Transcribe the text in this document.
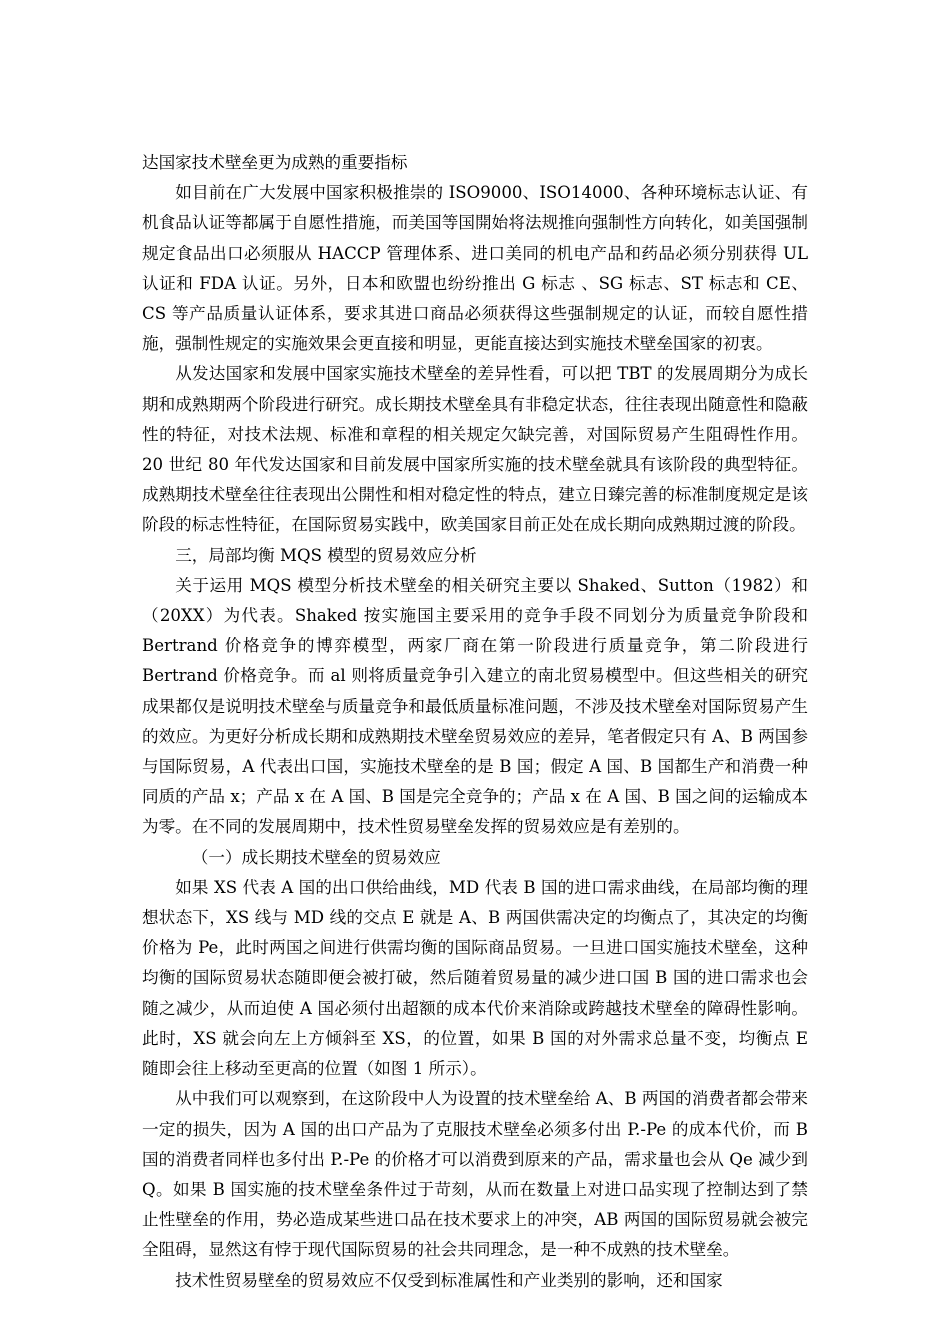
达国家技术壁垒更为成熟的重要指标

如目前在广大发展中国家积极推崇的 ISO9000、ISO14000、各种环境标志认证、有机食品认证等都属于自愿性措施，而美国等国開始将法规推向强制性方向转化，如美国强制规定食品出口必须服从 HACCP 管理体系、进口美同的机电产品和药品必须分别获得 UL 认证和 FDA 认证。另外，日本和欧盟也纷纷推出 G 标志 、SG 标志、ST 标志和 CE、CS 等产品质量认证体系，要求其进口商品必须获得这些强制规定的认证，而较自愿性措施，强制性规定的实施效果会更直接和明显，更能直接达到实施技术壁垒国家的初衷。

从发达国家和发展中国家实施技术壁垒的差异性看，可以把 TBT 的发展周期分为成长期和成熟期两个阶段进行研究。成长期技术壁垒具有非稳定状态，往往表现出随意性和隐蔽性的特征，对技术法规、标准和章程的相关规定欠缺完善，对国际贸易产生阻碍性作用。20 世纪 80 年代发达国家和目前发展中国家所实施的技术壁垒就具有该阶段的典型特征。成熟期技术壁垒往往表现出公開性和相对稳定性的特点，建立日臻完善的标准制度规定是该阶段的标志性特征，在国际贸易实践中，欧美国家目前正处在成长期向成熟期过渡的阶段。

三，局部均衡 MQS 模型的贸易效应分析

关于运用 MQS 模型分析技术壁垒的相关研究主要以 Shaked、Sutton（1982）和（20XX）为代表。Shaked 按实施国主要采用的竞争手段不同划分为质量竞争阶段和 Bertrand 价格竞争的博弈模型，两家厂商在第一阶段进行质量竞争，第二阶段进行 Bertrand 价格竞争。而 al 则将质量竞争引入建立的南北贸易模型中。但这些相关的研究成果都仅是说明技术壁垒与质量竞争和最低质量标准问题，不涉及技术壁垒对国际贸易产生的效应。为更好分析成长期和成熟期技术壁垒贸易效应的差异，笔者假定只有 A、B 两国参与国际贸易，A 代表出口国，实施技术壁垒的是 B 国；假定 A 国、B 国都生产和消费一种同质的产品 x；产品 x 在 A 国、B 国是完全竞争的；产品 x 在 A 国、B 国之间的运输成本为零。在不同的发展周期中，技术性贸易壁垒发挥的贸易效应是有差别的。

（一）成长期技术壁垒的贸易效应

如果 XS 代表 A 国的出口供给曲线，MD 代表 B 国的进口需求曲线，在局部均衡的理想状态下，XS 线与 MD 线的交点 E 就是 A、B 两国供需决定的均衡点了，其决定的均衡价格为 Pe，此时两国之间进行供需均衡的国际商品贸易。一旦进口国实施技术壁垒，这种均衡的国际贸易状态随即便会被打破，然后随着贸易量的减少进口国 B 国的进口需求也会随之减少，从而迫使 A 国必须付出超额的成本代价来消除或跨越技术壁垒的障碍性影响。此时，XS 就会向左上方倾斜至 XS，的位置，如果 B 国的对外需求总量不变，均衡点 E 随即会往上移动至更高的位置（如图 1 所示）。

从中我们可以观察到，在这阶段中人为设置的技术壁垒给 A、B 两国的消费者都会带来一定的损失，因为 A 国的出口产品为了克服技术壁垒必须多付出 P.-Pe 的成本代价，而 B 国的消费者同样也多付出 P.-Pe 的价格才可以消费到原来的产品，需求量也会从 Qe 减少到 Q。如果 B 国实施的技术壁垒条件过于苛刻，从而在数量上对进口品实现了控制达到了禁止性壁垒的作用，势必造成某些进口品在技术要求上的冲突，AB 两国的国际贸易就会被完全阻碍，显然这有悖于现代国际贸易的社会共同理念，是一种不成熟的技术壁垒。

技术性贸易壁垒的贸易效应不仅受到标准属性和产业类别的影响，还和国家
